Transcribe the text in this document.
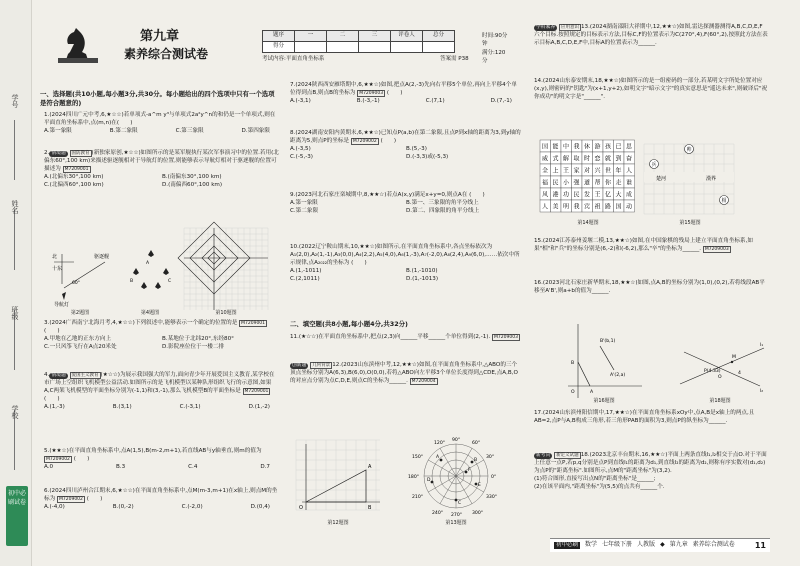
学号
姓名
班级
学校
初中必刷试卷
第九章
素养综合测试卷
题序	一	二	三	评卷人	总分
得分					
时间:90分钟
满分:120分
考试内容:平面直角坐标系	答案需 P38
一、选择题(共10小题,每小题3分,共30分。每小题给出的四个选项中只有一个选项是符合题意的)
1.(2024四川广元中考,6,★☆☆)若单项式-a^m y³与单项式2a²y^n的和仍是一个单项式,则在平面直角坐标系中,点(m,n)在(　　)
A.第一象限	B.第二象限	C.第三象限	D.第四象限
2. 情境题 国防教育 (新独家原创,★☆☆)如图所示的是某军舰执行某次军事演习中的位置.若用(北偏东60°,100 km)来描述驱逐舰相对于导航灯的位置,则能够表示导航灯相对于驱逐舰的位置可描述为 M7209001
A.(北偏东30°,100 km)	B.(南偏东30°,100 km)
C.(北偏西60°,100 km)	D.(南偏西60°,100 km)
北
十东
驱逐舰
60°
导航灯
第2题图
A
C
B
第4题图	第10题图
3.(2024广西南宁北海月考,4,★☆☆)下列叙述中,能够表示一个确定的位置的是 M7209001 (　　)
A.甲地在乙地的正东方向上	B.某地位于北纬20°,东经80°
C.一只风筝飞行在A点20米处	D.影院座位位于一楼二排
4. 情境题 爱国主义教育 (★☆☆)为展示我国强大的军力,面向青少年开展爱国主义教育,某学校在市广场上空组织飞机模型公益活动.如图所示的是飞机模型以某种队形组织飞行的示意图,如果A,C两架飞机模型的平面坐标分别为(-1,1)和(3,-1),那么飞机模型B的平面坐标是 M7209001 (　　)
A.(1,-3)	B.(3,1)	C.(-3,1)	D.(1,-2)
5.(★★☆)在平面直角坐标系中,点A(1,5),B(m-2,m+1),若直线AB与y轴垂直,则m的值为 M7209002 (　　)
A.0	B.3	C.4	D.7
6.(2024四川泸州合江期末,6,★☆☆)在平面直角坐标系中,点M(m-3,m+1)在x轴上,则点M的坐标为 M7209002 (　　)
A.(-4,0)	B.(0,-2)	C.(-2,0)	D.(0,4)
7.(2024陕西西安雁塔期中,6,★★☆)如图,把点A(2,-3)先向右平移5个单位,再向上平移4个单位得到点B,则点B的坐标为 M7209003 (　　)
A.(-3,1)	B.(-3,-1)	C.(7,1)	D.(7,-1)
8.(2024湖南安阳内黄期末,6,★★☆)已知点P(a,b)在第二象限,且点P到x轴的距离为3,到y轴的距离为5,则点P的坐标是 M7209002 (　　)
A.(-3,5)	B.(5,-3)
C.(-5,-3)	D.(-3,3)或(-5,3)
9.(2023河北石家庄栾城期中,8,★★☆)若点A(x,y)满足x+y=0,则点A在 (　　)
A.第一象限	B.第一、三象限的角平分线上
C.第二象限	D.第二、四象限的角平分线上
10.(2022辽宁鞍山期末,10,★★☆)如图所示,在平面直角坐标系中,各点坐标依次为A₁(2,0),A₂(1,-1),A₃(0,0),A₄(2,2),A₅(4,0),A₆(1,-3),A₇(-2,0),A₈(2,4),A₉(6,0),……依次中所示规律,点A₂₀₂₂的坐标为 (　　)
A.(1,-1011)	B.(1,-1010)
C.(2,1011)	D.(1,-1013)
二、填空题(共8小题,每小题4分,共32分)
11.(★☆☆)在平面直角坐标系中,把点(2,3)向______平移______个单位得到(2,-1). M7209003
创新题 几何背景 12.(2023山东滨州中考,12,★★☆)如图,在平面直角坐标系中,△ABO的三个顶点坐标分别为A(6,3),B(6,0),O(0,0),若将△ABO向左平移3个单位长度得到△CDE,点A,B,O的对应点分别为点C,D,E,则点C的坐标为______. M7209004
A
B
O
第12题图
120°
90°
60°
150°	30°
180°	0°
210°	330°
240° 270° 300°
A
B
C
D
E
F
第13题图
学科素养 应用意识 13.(2024湖南邵阳大祥期中,12,★★☆)如图,雷达探测器测得A,B,C,D,E,F六个目标.按照规定的目标表示方法,目标C,F的位置表示为C(270°,4),F(60°,2),按照此方法在表示目标A,B,C,D,E,F中,目标A的位置表示为______.
14.(2024山东泰安期末,18,★★☆)如图所示的是一组密码的一部分,若某明文字所处位置对应(x,y),则密码的"钥匙"为(x+1,y+2),如明文字"暗示文字"的真实意思是"遥达未来",则破译后"祝你成功"的明文字是"______".
国 能 中 我 休 游 孩 已 思
威 式 解 取 时 恋 就 到 奋
全 上 王 家 对 兴 世 年 人
福 民 小 强 道 帮 你 走 谁
风 港 功 民 发 王 亿 大 成
人 美 明 我 宾 祖 路 国 动
第14题图
楚河	漢界
帅
相
兵
第15题图
15.(2024江苏泰州姜堰二模,13,★★☆)如图,在中国象棋的残局上建立平面直角坐标系,如果"相"和"兵"的坐标分别是(6,-2)和(-6,2),那么"卒"的坐标为______. M7209003
16.(2023河北石家庄新华期末,18,★★☆)如图,点A,B的坐标分别为(1,0),(0,2),若将线段AB平移至A'B',则a+b的值为______.
B'(b,1)
A'(2,a)
B
A
O
第16题图
l₁
l₂
M
P(4.33)
O
4
第18题图
17.(2024山东滨州阳信期中,17,★★☆)在平面直角坐标系xOy中,点A,B是x轴上的两点,且AB=2,点P与A,B构成三角形,若三角形PAB的面积为3,则点P的纵坐标为______.
新考向 新定义试题 18.(2023北京丰台期末,16,★★☆)平面上两条直线l₁,l₂相交于点O.对于平面上任意一点P,若p,q分别是点P到直线l₁的距离为d₁,到直线l₂的距离为d₂,则称有序实数对(d₁,d₂)为点P的"距离坐标".如图所示,点M的"距离坐标"为(3,2).
(1)符合图形,直接写出点N的"距离坐标"是______;
(2)在该平面内,"距离坐标"为(5,5)的点共有______个.
初中必刷	数学 七年级下册 人教版 ◆ 第九章 素养综合测试卷	11
